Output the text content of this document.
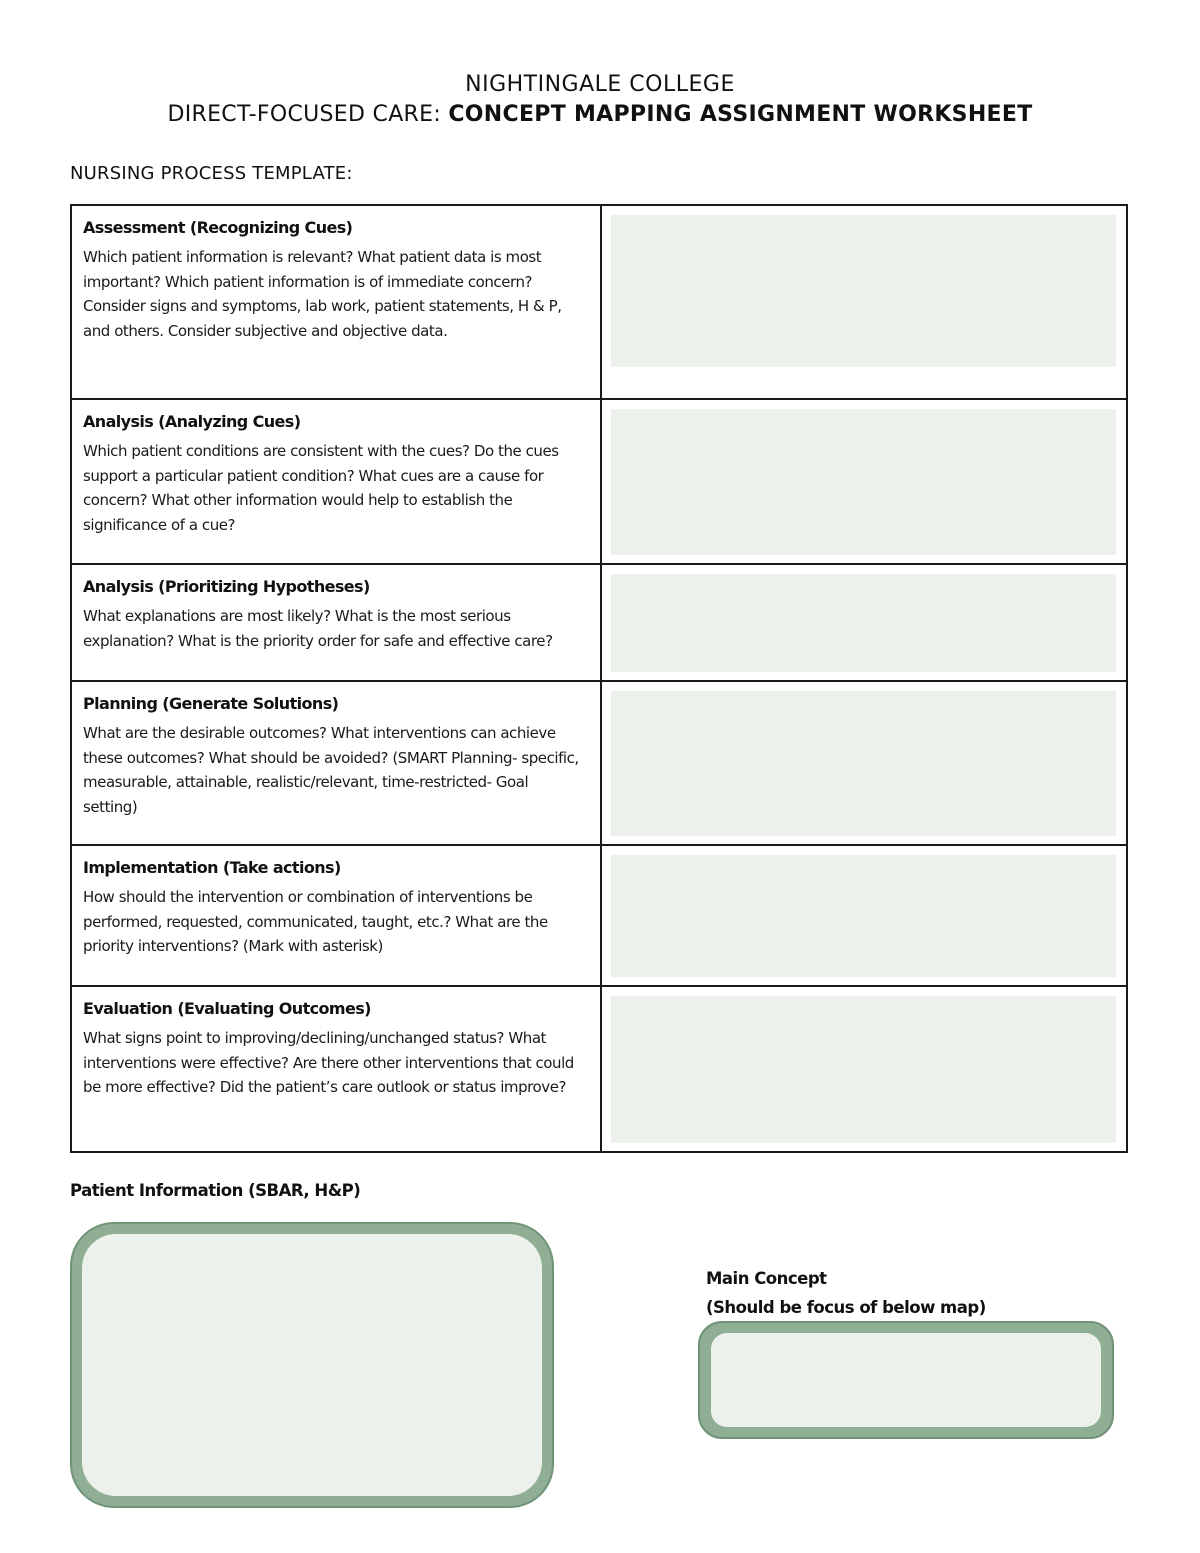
NIGHTINGALE COLLEGE
DIRECT-FOCUSED CARE: CONCEPT MAPPING ASSIGNMENT WORKSHEET
NURSING PROCESS TEMPLATE:
Assessment (Recognizing Cues)
Which patient information is relevant? What patient data is most important? Which patient information is of immediate concern? Consider signs and symptoms, lab work, patient statements, H & P, and others. Consider subjective and objective data.
Analysis (Analyzing Cues)
Which patient conditions are consistent with the cues? Do the cues support a particular patient condition? What cues are a cause for concern? What other information would help to establish the significance of a cue?
Analysis (Prioritizing Hypotheses)
What explanations are most likely? What is the most serious explanation? What is the priority order for safe and effective care?
Planning (Generate Solutions)
What are the desirable outcomes? What interventions can achieve these outcomes? What should be avoided? (SMART Planning- specific, measurable, attainable, realistic/relevant, time-restricted- Goal setting)
Implementation (Take actions)
How should the intervention or combination of interventions be performed, requested, communicated, taught, etc.? What are the priority interventions? (Mark with asterisk)
Evaluation (Evaluating Outcomes)
What signs point to improving/declining/unchanged status? What interventions were effective? Are there other interventions that could be more effective? Did the patient’s care outlook or status improve?
Patient Information (SBAR, H&P)
Main Concept
(Should be focus of below map)
